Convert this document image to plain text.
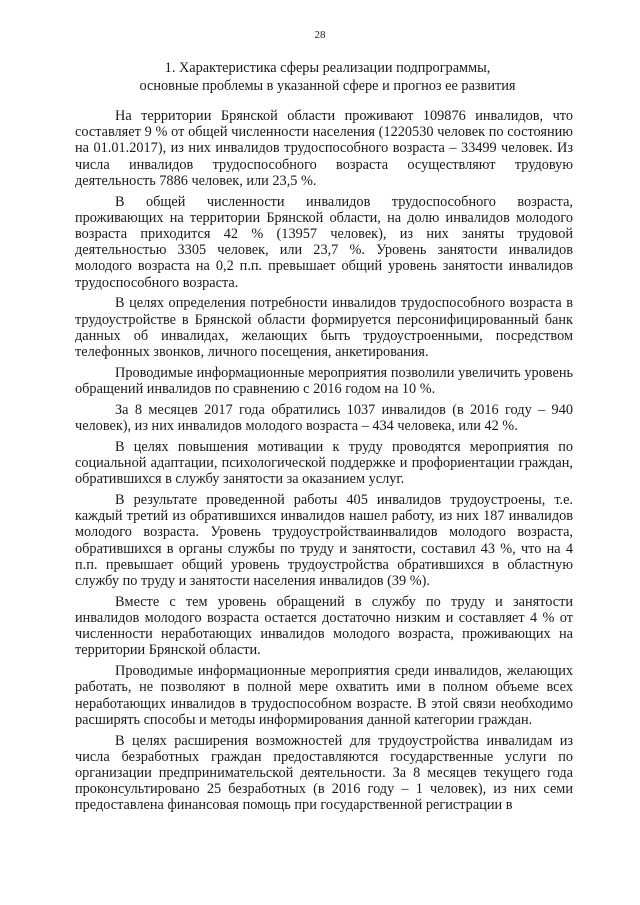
28
1. Характеристика сферы реализации подпрограммы,
основные проблемы в указанной сфере и прогноз ее развития

На территории Брянской области проживают 109876 инвалидов, что составляет 9 % от общей численности населения (1220530 человек по состоянию на 01.01.2017), из них инвалидов трудоспособного возраста – 33499 человек. Из числа инвалидов трудоспособного возраста осуществляют трудовую деятельность 7886 человек, или 23,5 %.

В общей численности инвалидов трудоспособного возраста, проживающих на территории Брянской области, на долю инвалидов молодого возраста приходится 42 % (13957 человек), из них заняты трудовой деятельностью 3305 человек, или 23,7 %. Уровень занятости инвалидов молодого возраста на 0,2 п.п. превышает общий уровень занятости инвалидов трудоспособного возраста.

В целях определения потребности инвалидов трудоспособного возраста в трудоустройстве в Брянской области формируется персонифицированный банк данных об инвалидах, желающих быть трудоустроенными, посредством телефонных звонков, личного посещения, анкетирования.

Проводимые информационные мероприятия позволили увеличить уровень обращений инвалидов по сравнению с 2016 годом на 10 %.

За 8 месяцев 2017 года обратились 1037 инвалидов (в 2016 году – 940 человек), из них инвалидов молодого возраста – 434 человека, или 42 %.

В целях повышения мотивации к труду проводятся мероприятия по социальной адаптации, психологической поддержке и профориентации граждан, обратившихся в службу занятости за оказанием услуг.

В результате проведенной работы 405 инвалидов трудоустроены, т.е. каждый третий из обратившихся инвалидов нашел работу, из них 187 инвалидов молодого возраста. Уровень трудоустройстваинвалидов молодого возраста, обратившихся в органы службы по труду и занятости, составил 43 %, что на 4 п.п. превышает общий уровень трудоустройства обратившихся в областную службу по труду и занятости населения инвалидов (39 %).

Вместе с тем уровень обращений в службу по труду и занятости инвалидов молодого возраста остается достаточно низким и составляет 4 % от численности неработающих инвалидов молодого возраста, проживающих на территории Брянской области.

Проводимые информационные мероприятия среди инвалидов, желающих работать, не позволяют в полной мере охватить ими в полном объеме всех неработающих инвалидов в трудоспособном возрасте. В этой связи необходимо расширять способы и методы информирования данной категории граждан.

В целях расширения возможностей для трудоустройства инвалидам из числа безработных граждан предоставляются государственные услуги по организации предпринимательской деятельности. За 8 месяцев текущего года проконсультировано 25 безработных (в 2016 году – 1 человек), из них семи предоставлена финансовая помощь при государственной регистрации в
